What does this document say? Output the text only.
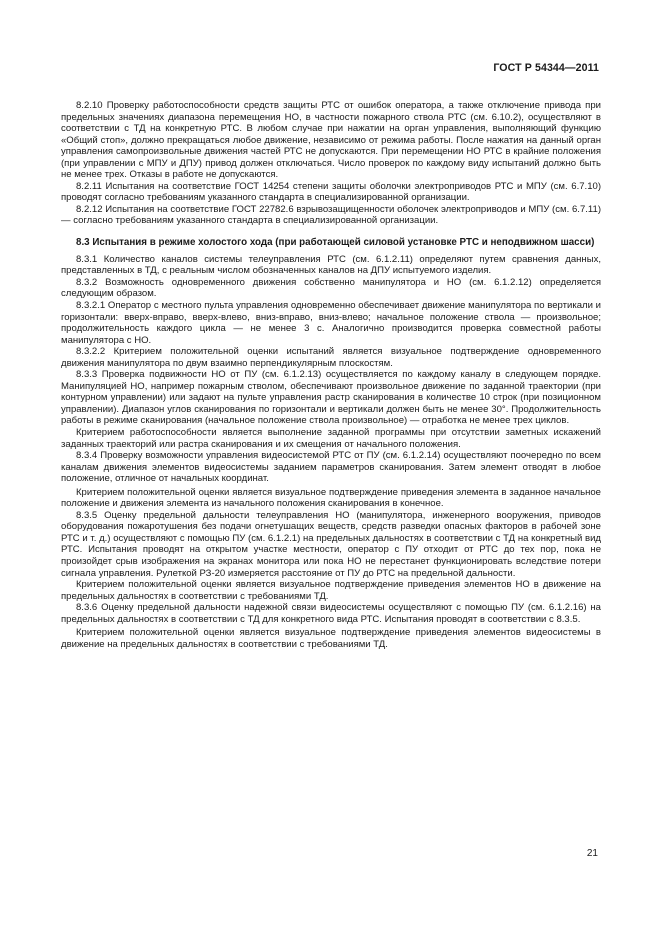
ГОСТ Р 54344—2011

8.2.10 Проверку работоспособности средств защиты РТС от ошибок оператора, а также отключение привода при предельных значениях диапазона перемещения НО, в частности пожарного ствола РТС (см. 6.10.2), осуществляют в соответствии с ТД на конкретную РТС. В любом случае при нажатии на орган управления, выполняющий функцию «Общий стоп», должно прекращаться любое движение, независимо от режима работы. После нажатия на данный орган управления самопроизвольные движения частей РТС не допускаются. При перемещении НО РТС в крайние положения (при управлении с МПУ и ДПУ) привод должен отключаться. Число проверок по каждому виду испытаний должно быть не менее трех. Отказы в работе не допускаются.

8.2.11 Испытания на соответствие ГОСТ 14254 степени защиты оболочки электроприводов РТС и МПУ (см. 6.7.10) проводят согласно требованиям указанного стандарта в специализированной организации.

8.2.12 Испытания на соответствие ГОСТ 22782.6 взрывозащищенности оболочек электроприводов и МПУ (см. 6.7.11) — согласно требованиям указанного стандарта в специализированной организации.

8.3 Испытания в режиме холостого хода (при работающей силовой установке РТС и неподвижном шасси)

8.3.1 Количество каналов системы телеуправления РТС (см. 6.1.2.11) определяют путем сравнения данных, представленных в ТД, с реальным числом обозначенных каналов на ДПУ испытуемого изделия.

8.3.2 Возможность одновременного движения собственно манипулятора и НО (см. 6.1.2.12) определяется следующим образом.

8.3.2.1 Оператор с местного пульта управления одновременно обеспечивает движение манипулятора по вертикали и горизонтали: вверх-вправо, вверх-влево, вниз-вправо, вниз-влево; начальное положение ствола — произвольное; продолжительность каждого цикла — не менее 3 с. Аналогично производится проверка совместной работы манипулятора с НО.

8.3.2.2 Критерием положительной оценки испытаний является визуальное подтверждение одновременного движения манипулятора по двум взаимно перпендикулярным плоскостям.

8.3.3 Проверка подвижности НО от ПУ (см. 6.1.2.13) осуществляется по каждому каналу в следующем порядке. Манипуляцией НО, например пожарным стволом, обеспечивают произвольное движение по заданной траектории (при контурном управлении) или задают на пульте управления растр сканирования в количестве 10 строк (при позиционном управлении). Диапазон углов сканирования по горизонтали и вертикали должен быть не менее 30°. Продолжительность работы в режиме сканирования (начальное положение ствола произвольное) — отработка не менее трех циклов.

Критерием работоспособности является выполнение заданной программы при отсутствии заметных искажений заданных траекторий или растра сканирования и их смещения от начального положения.

8.3.4 Проверку возможности управления видеосистемой РТС от ПУ (см. 6.1.2.14) осуществляют поочередно по всем каналам движения элементов видеосистемы заданием параметров сканирования. Затем элемент отводят в любое положение, отличное от начальных координат.

Критерием положительной оценки является визуальное подтверждение приведения элемента в заданное начальное положение и движения элемента из начального положения сканирования в конечное.

8.3.5 Оценку предельной дальности телеуправления НО (манипулятора, инженерного вооружения, приводов оборудования пожаротушения без подачи огнетушащих веществ, средств разведки опасных факторов в рабочей зоне РТС и т. д.) осуществляют с помощью ПУ (см. 6.1.2.1) на предельных дальностях в соответствии с ТД на конкретный вид РТС. Испытания проводят на открытом участке местности, оператор с ПУ отходит от РТС до тех пор, пока не произойдет срыв изображения на экранах монитора или пока НО не перестанет функционировать вследствие потери сигнала управления. Рулеткой РЗ-20 измеряется расстояние от ПУ до РТС на предельной дальности.

Критерием положительной оценки является визуальное подтверждение приведения элементов НО в движение на предельных дальностях в соответствии с требованиями ТД.

8.3.6 Оценку предельной дальности надежной связи видеосистемы осуществляют с помощью ПУ (см. 6.1.2.16) на предельных дальностях в соответствии с ТД для конкретного вида РТС. Испытания проводят в соответствии с 8.3.5.

Критерием положительной оценки является визуальное подтверждение приведения элементов видеосистемы в движение на предельных дальностях в соответствии с требованиями ТД.

21
